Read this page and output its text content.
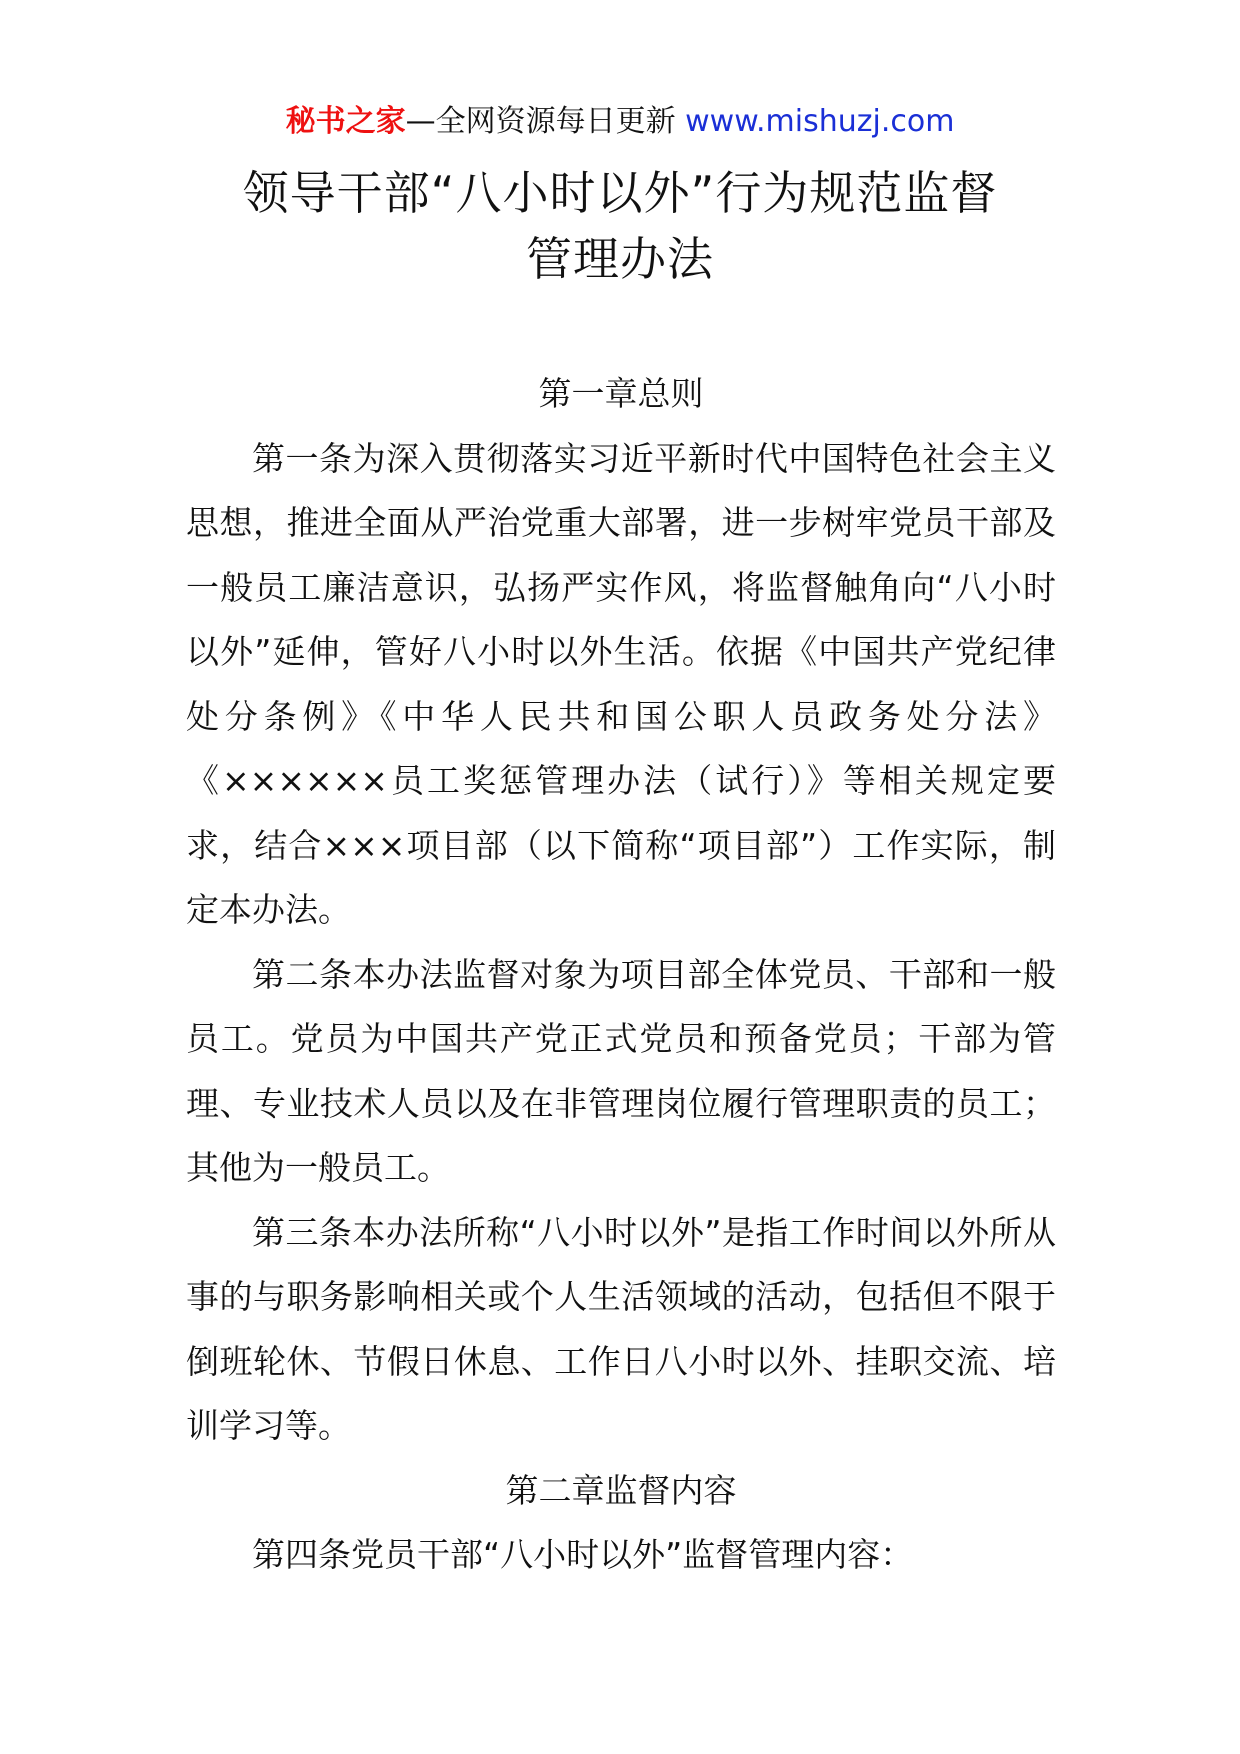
秘书之家—全网资源每日更新 www.mishuzj.com
领导干部“八小时以外”行为规范监督
管理办法

第一章总则

第一条为深入贯彻落实习近平新时代中国特色社会主义思想，推进全面从严治党重大部署，进一步树牢党员干部及一般员工廉洁意识，弘扬严实作风，将监督触角向“八小时以外”延伸，管好八小时以外生活。依据《中国共产党纪律处分条例》《中华人民共和国公职人员政务处分法》《××××××员工奖惩管理办法（试行）》等相关规定要求，结合×××项目部（以下简称“项目部”）工作实际，制定本办法。

第二条本办法监督对象为项目部全体党员、干部和一般员工。党员为中国共产党正式党员和预备党员；干部为管理、专业技术人员以及在非管理岗位履行管理职责的员工；其他为一般员工。

第三条本办法所称“八小时以外”是指工作时间以外所从事的与职务影响相关或个人生活领域的活动，包括但不限于倒班轮休、节假日休息、工作日八小时以外、挂职交流、培训学习等。

第二章监督内容

第四条党员干部“八小时以外”监督管理内容：
